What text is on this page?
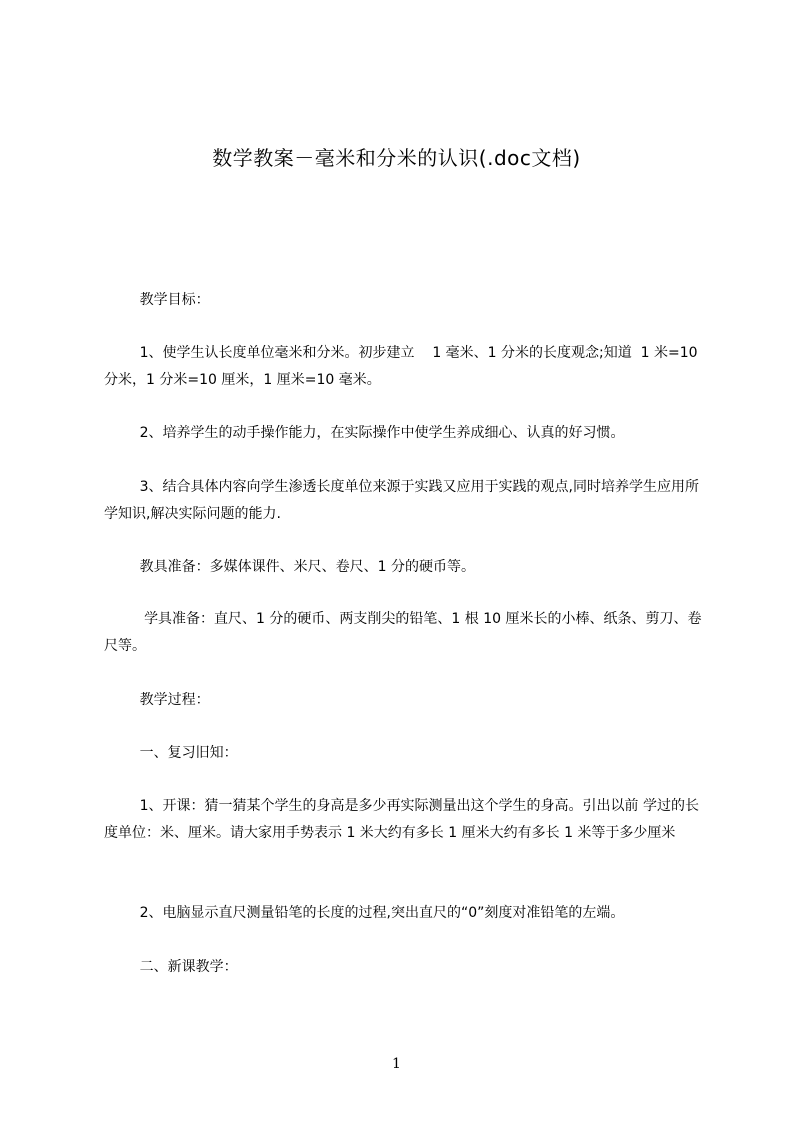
数学教案－毫米和分米的认识(.doc文档)
教学目标：
1、使学生认长度单位毫米和分米。初步建立    1 毫米、1 分米的长度观念;知道  1 米=10 分米，1 分米=10 厘米，1 厘米=10 毫米。
2、培养学生的动手操作能力，在实际操作中使学生养成细心、认真的好习惯。
3、结合具体内容向学生渗透长度单位来源于实践又应用于实践的观点,同时培养学生应用所学知识,解决实际问题的能力.
教具准备：多媒体课件、米尺、卷尺、1 分的硬币等。
学具准备：直尺、1 分的硬币、两支削尖的铅笔、1 根 10 厘米长的小棒、纸条、剪刀、卷尺等。
教学过程：
一、复习旧知：
1、开课：猜一猜某个学生的身高是多少再实际测量出这个学生的身高。引出以前 学过的长度单位：米、厘米。请大家用手势表示 1 米大约有多长 1 厘米大约有多长 1 米等于多少厘米
2、电脑显示直尺测量铅笔的长度的过程,突出直尺的“0”刻度对准铅笔的左端。
二、新课教学：
1
